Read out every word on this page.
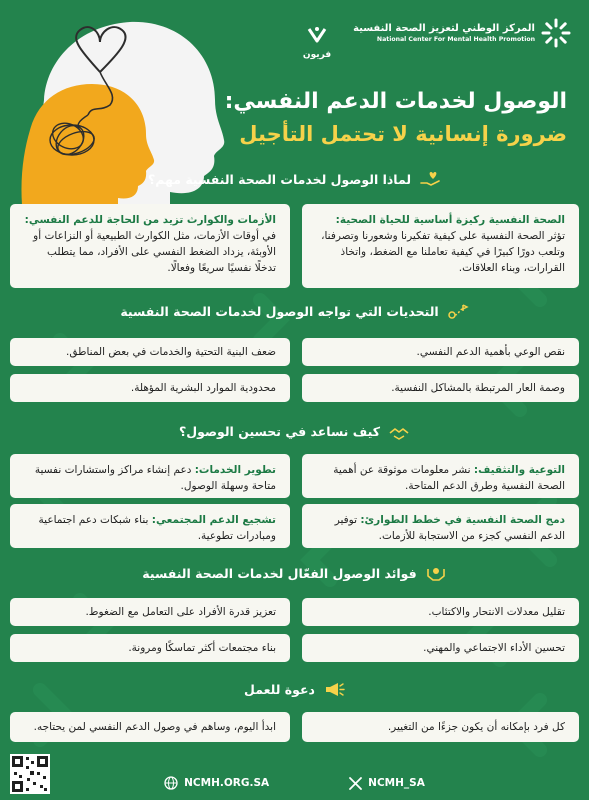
المركز الوطني لتعزيز الصحة النفسية
National Center For Mental Health Promotion
فريون
الوصول لخدمات الدعم النفسي:
ضرورة إنسانية لا تحتمل التأجيل
لماذا الوصول لخدمات الصحة النفسية مهم؟
الصحة النفسية ركيزة أساسية للحياة الصحية: تؤثر الصحة النفسية على كيفية تفكيرنا وشعورنا وتصرفنا، وتلعب دورًا كبيرًا في كيفية تعاملنا مع الضغط، واتخاذ القرارات، وبناء العلاقات.
الأزمات والكوارث تزيد من الحاجة للدعم النفسي: في أوقات الأزمات، مثل الكوارث الطبيعية أو النزاعات أو الأوبئة، يزداد الضغط النفسي على الأفراد، مما يتطلب تدخلًا نفسيًا سريعًا وفعالًا.
التحديات التي تواجه الوصول لخدمات الصحة النفسية
نقص الوعي بأهمية الدعم النفسي.
ضعف البنية التحتية والخدمات في بعض المناطق.
وصمة العار المرتبطة بالمشاكل النفسية.
محدودية الموارد البشرية المؤهلة.
كيف نساعد في تحسين الوصول؟
التوعية والتثقيف: نشر معلومات موثوقة عن أهمية الصحة النفسية وطرق الدعم المتاحة.
تطوير الخدمات: دعم إنشاء مراكز واستشارات نفسية متاحة وسهلة الوصول.
دمج الصحة النفسية في خطط الطوارئ: توفير الدعم النفسي كجزء من الاستجابة للأزمات.
تشجيع الدعم المجتمعي: بناء شبكات دعم اجتماعية ومبادرات تطوعية.
فوائد الوصول الفعّال لخدمات الصحة النفسية
تقليل معدلات الانتحار والاكتئاب.
تعزيز قدرة الأفراد على التعامل مع الضغوط.
تحسين الأداء الاجتماعي والمهني.
بناء مجتمعات أكثر تماسكًا ومرونة.
دعوة للعمل
كل فرد بإمكانه أن يكون جزءًا من التغيير.
ابدأ اليوم، وساهم في وصول الدعم النفسي لمن يحتاجه.
NCMH.ORG.SA	NCMH_SA
